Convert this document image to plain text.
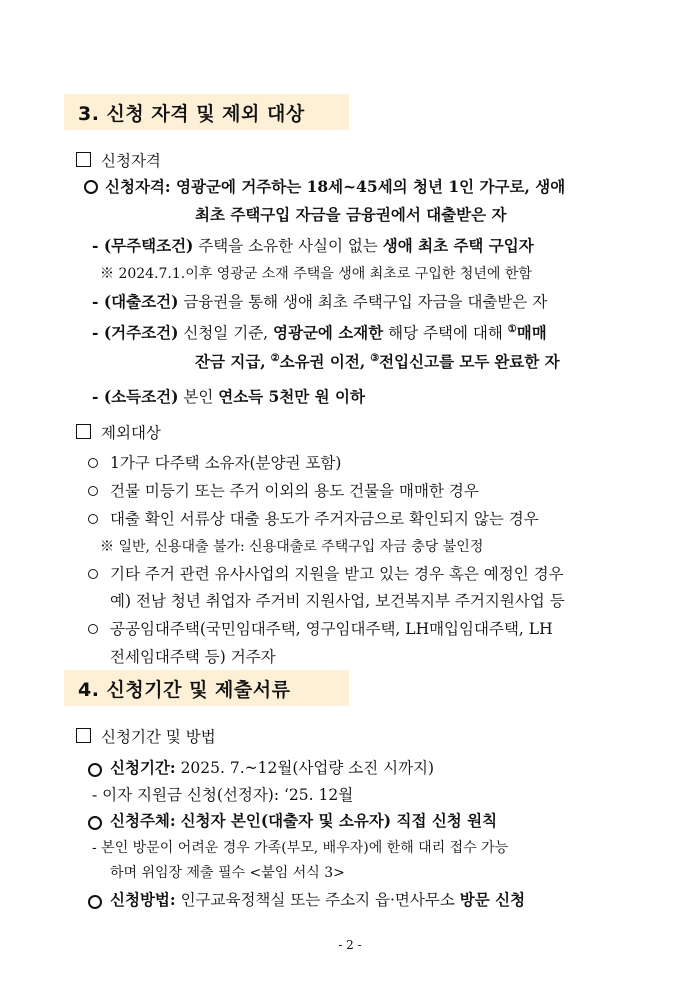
3. 신청 자격 및 제외 대상
신청자격
신청자격: 영광군에 거주하는 18세~45세의 청년 1인 가구로, 생애
최초 주택구입 자금을 금융권에서 대출받은 자
- (무주택조건) 주택을 소유한 사실이 없는 생애 최초 주택 구입자
※ 2024.7.1.이후 영광군 소재 주택을 생애 최초로 구입한 청년에 한함
- (대출조건) 금융권을 통해 생애 최초 주택구입 자금을 대출받은 자
- (거주조건) 신청일 기준, 영광군에 소재한 해당 주택에 대해 ①매매
잔금 지급, ②소유권 이전, ③전입신고를 모두 완료한 자
- (소득조건) 본인 연소득 5천만 원 이하
제외대상
1가구 다주택 소유자(분양권 포함)
건물 미등기 또는 주거 이외의 용도 건물을 매매한 경우
대출 확인 서류상 대출 용도가 주거자금으로 확인되지 않는 경우
※ 일반, 신용대출 불가: 신용대출로 주택구입 자금 충당 불인정
기타 주거 관련 유사사업의 지원을 받고 있는 경우 혹은 예정인 경우
예) 전남 청년 취업자 주거비 지원사업, 보건복지부 주거지원사업 등
공공임대주택(국민임대주택, 영구임대주택, LH매입임대주택, LH
전세임대주택 등) 거주자
4. 신청기간 및 제출서류
신청기간 및 방법
신청기간: 2025. 7.~12월(사업량 소진 시까지)
- 이자 지원금 신청(선정자): ‘25. 12월
신청주체: 신청자 본인(대출자 및 소유자) 직접 신청 원칙
- 본인 방문이 어려운 경우 가족(부모, 배우자)에 한해 대리 접수 가능
하며 위임장 제출 필수 <붙임 서식 3>
신청방법: 인구교육정책실 또는 주소지 읍·면사무소 방문 신청
- 2 -
